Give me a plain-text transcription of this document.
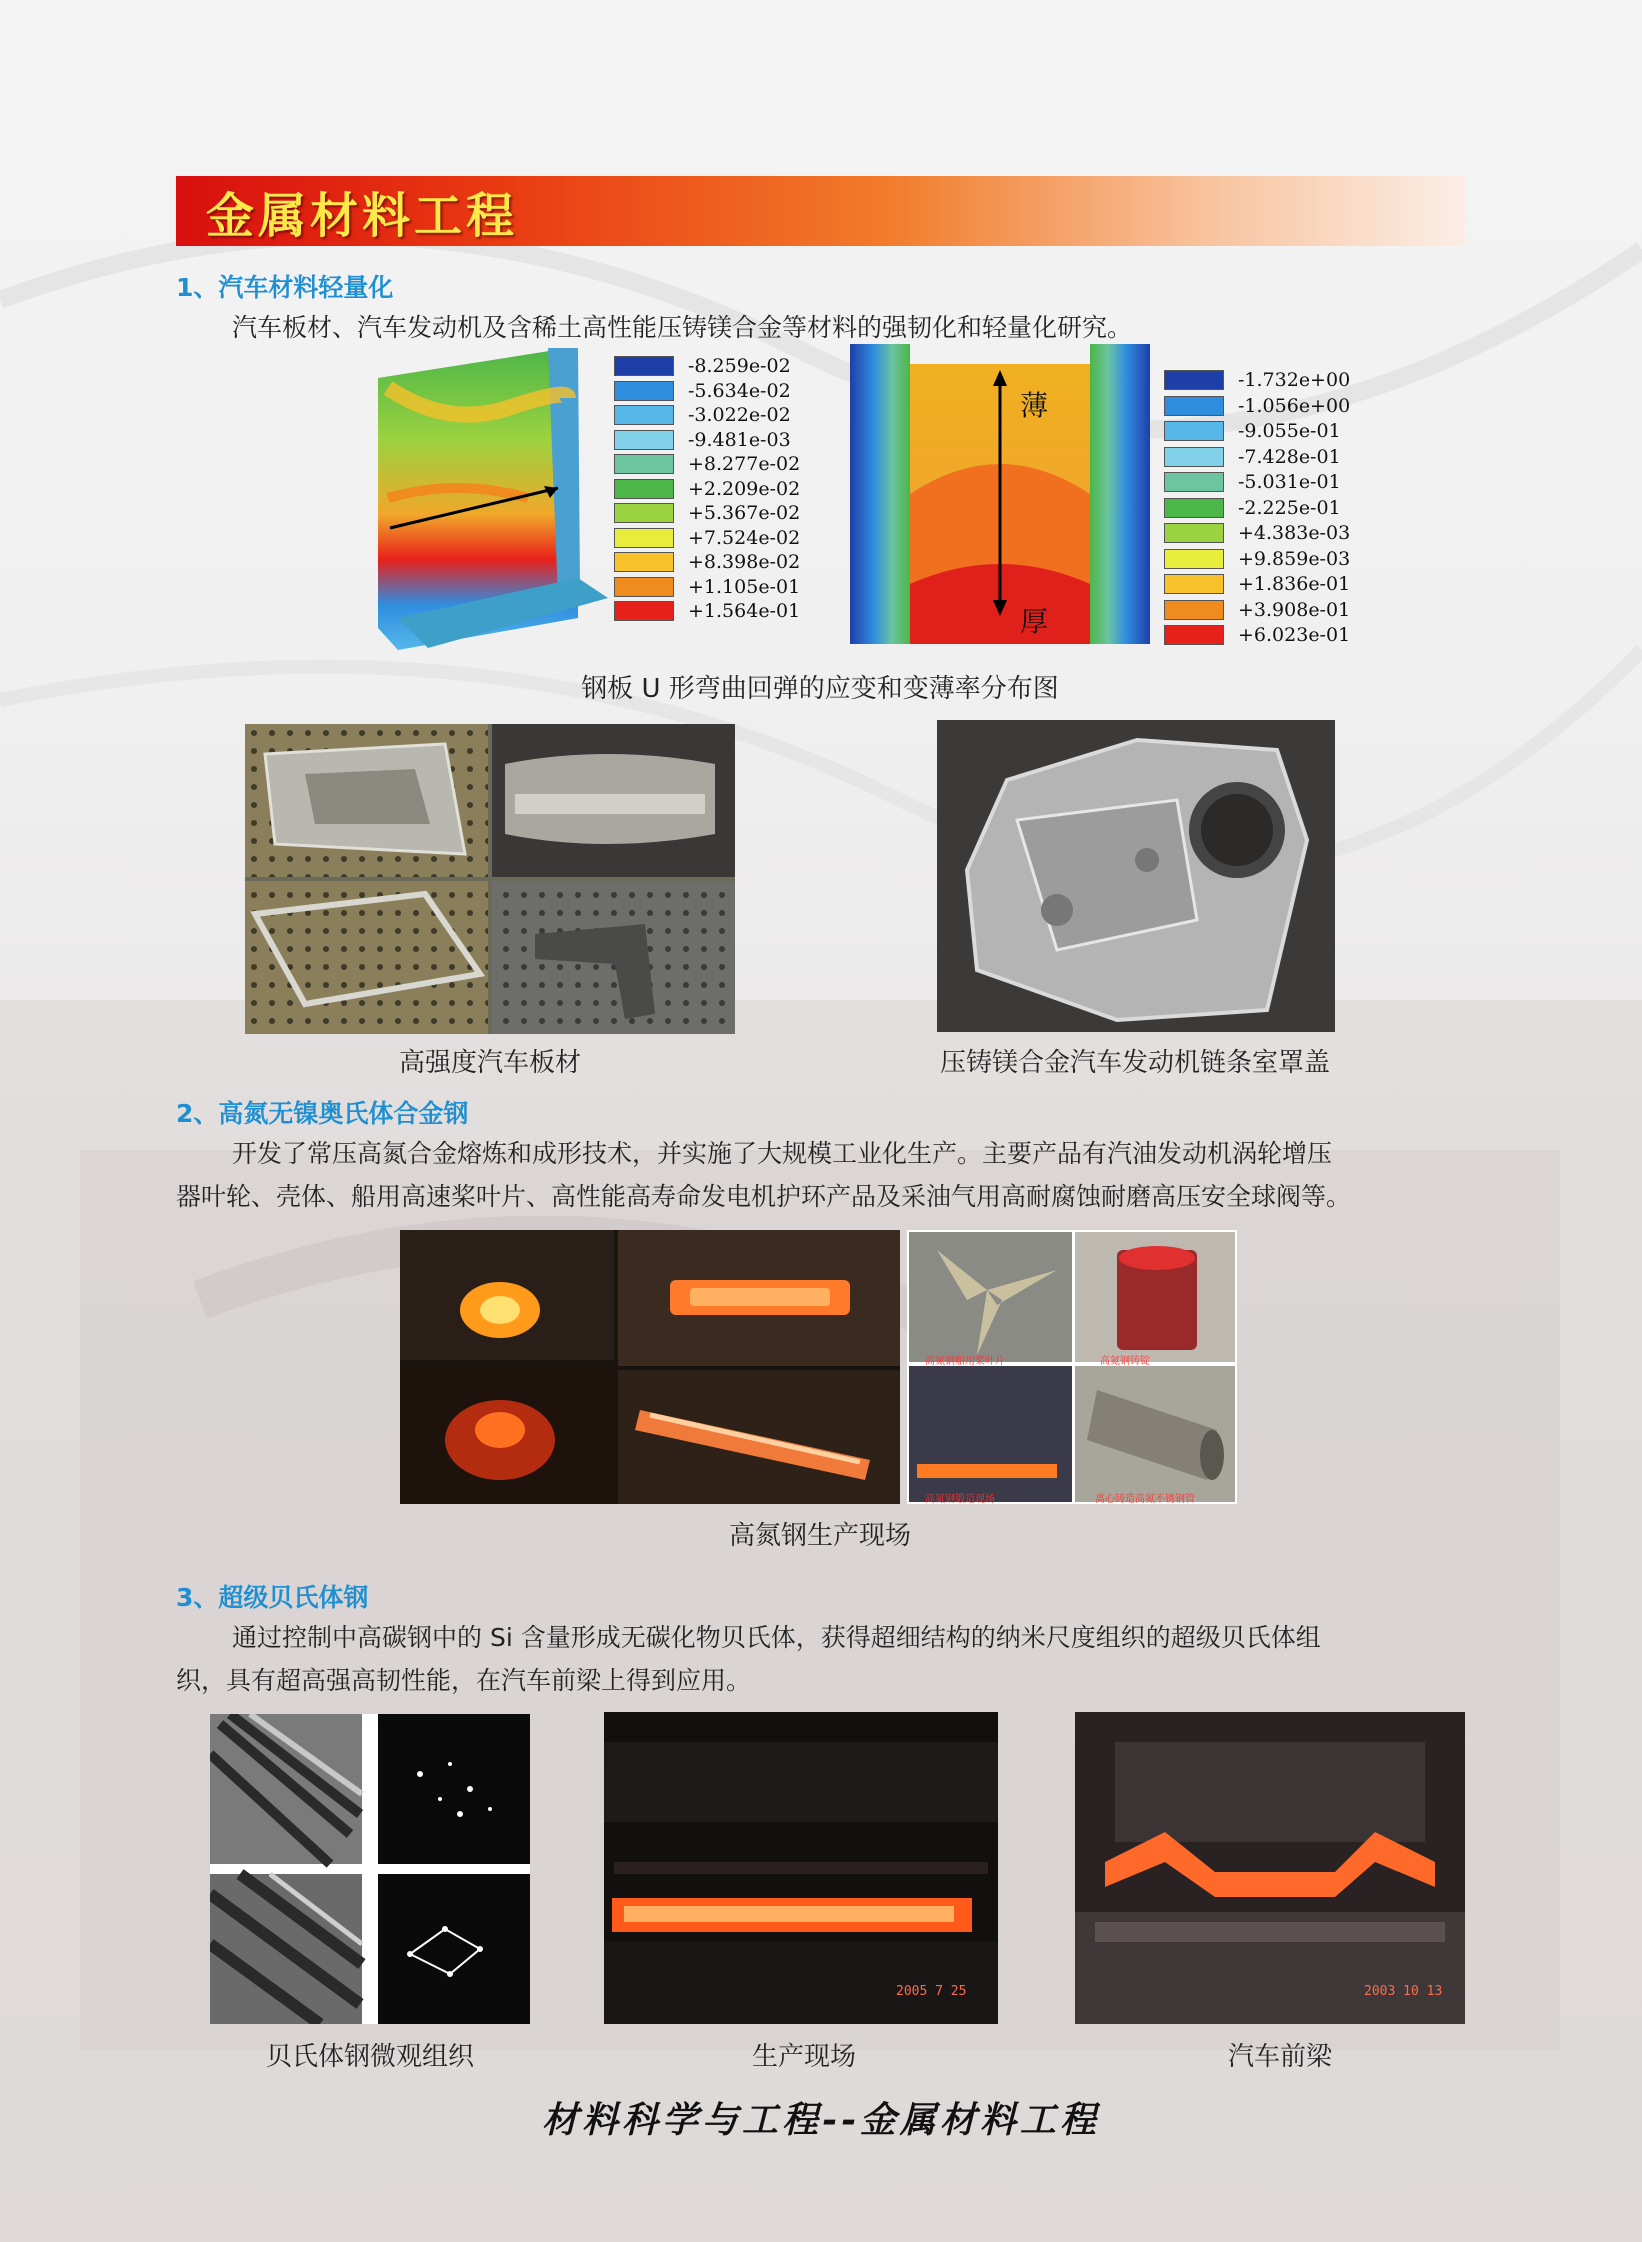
金属材料工程
1、汽车材料轻量化
汽车板材、汽车发动机及含稀土高性能压铸镁合金等材料的强韧化和轻量化研究。
-8.259e-02
-5.634e-02
-3.022e-02
-9.481e-03
+8.277e-02
+2.209e-02
+5.367e-02
+7.524e-02
+8.398e-02
+1.105e-01
+1.564e-01
薄
厚
-1.732e+00
-1.056e+00
-9.055e-01
-7.428e-01
-5.031e-01
-2.225e-01
+4.383e-03
+9.859e-03
+1.836e-01
+3.908e-01
+6.023e-01
钢板 U 形弯曲回弹的应变和变薄率分布图
高强度汽车板材	压铸镁合金汽车发动机链条室罩盖
2、高氮无镍奥氏体合金钢
开发了常压高氮合金熔炼和成形技术，并实施了大规模工业化生产。主要产品有汽油发动机涡轮增压
器叶轮、壳体、船用高速桨叶片、高性能高寿命发电机护环产品及采油气用高耐腐蚀耐磨高压安全球阀等。
高氮钢船用桨叶片	高氮钢铸锭
高氮钢锻造现场	离心铸造高氮不锈钢管
高氮钢生产现场
3、超级贝氏体钢
通过控制中高碳钢中的 Si 含量形成无碳化物贝氏体，获得超细结构的纳米尺度组织的超级贝氏体组
织，具有超高强高韧性能，在汽车前梁上得到应用。
贝氏体钢微观组织
2005 7 25
生产现场
2003 10 13
汽车前梁
材料科学与工程--金属材料工程
